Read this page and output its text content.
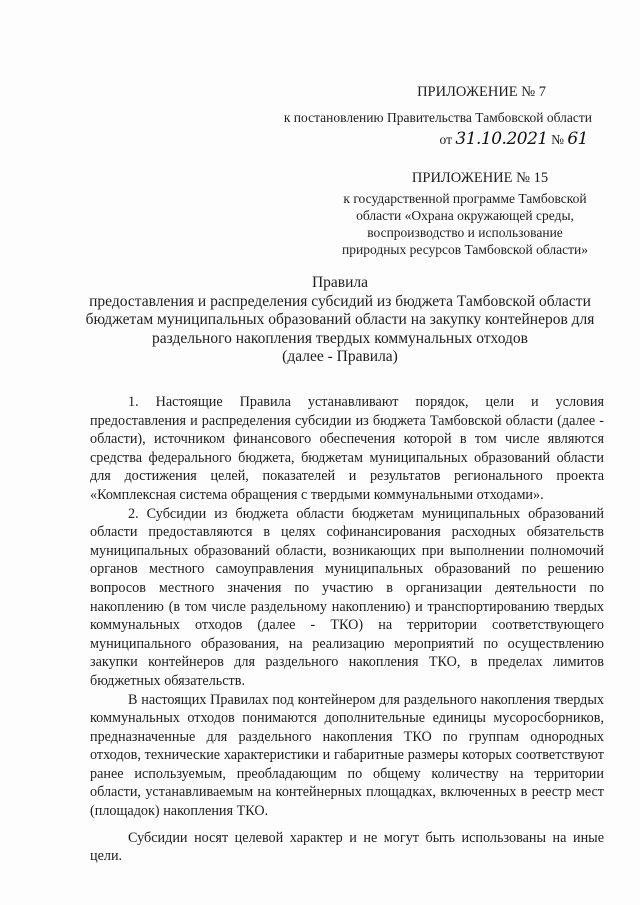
ПРИЛОЖЕНИЕ № 7
к постановлению Правительства Тамбовской области
от 31.10.2021 № 61
ПРИЛОЖЕНИЕ № 15
к государственной программе Тамбовской
области «Охрана окружающей среды,
воспроизводство и использование
природных ресурсов Тамбовской области»
Правила
предоставления и распределения субсидий из бюджета Тамбовской области
бюджетам муниципальных образований области на закупку контейнеров для
раздельного накопления твердых коммунальных отходов
(далее - Правила)

1. Настоящие Правила устанавливают порядок, цели и условия предоставления и распределения субсидии из бюджета Тамбовской области (далее - области), источником финансового обеспечения которой в том числе являются средства федерального бюджета, бюджетам муниципальных образований области для достижения целей, показателей и результатов регионального проекта «Комплексная система обращения с твердыми коммунальными отходами».

2. Субсидии из бюджета области бюджетам муниципальных образований области предоставляются в целях софинансирования расходных обязательств муниципальных образований области, возникающих при выполнении полномочий органов местного самоуправления муниципальных образований по решению вопросов местного значения по участию в организации деятельности по накоплению (в том числе раздельному накоплению) и транспортированию твердых коммунальных отходов (далее - ТКО) на территории соответствующего муниципального образования, на реализацию мероприятий по осуществлению закупки контейнеров для раздельного накопления ТКО, в пределах лимитов бюджетных обязательств.

В настоящих Правилах под контейнером для раздельного накопления твердых коммунальных отходов понимаются дополнительные единицы мусоросборников, предназначенные для раздельного накопления ТКО по группам однородных отходов, технические характеристики и габаритные размеры которых соответствуют ранее используемым, преобладающим по общему количеству на территории области, устанавливаемым на контейнерных площадках, включенных в реестр мест (площадок) накопления ТКО.

Субсидии носят целевой характер и не могут быть использованы на иные цели.
